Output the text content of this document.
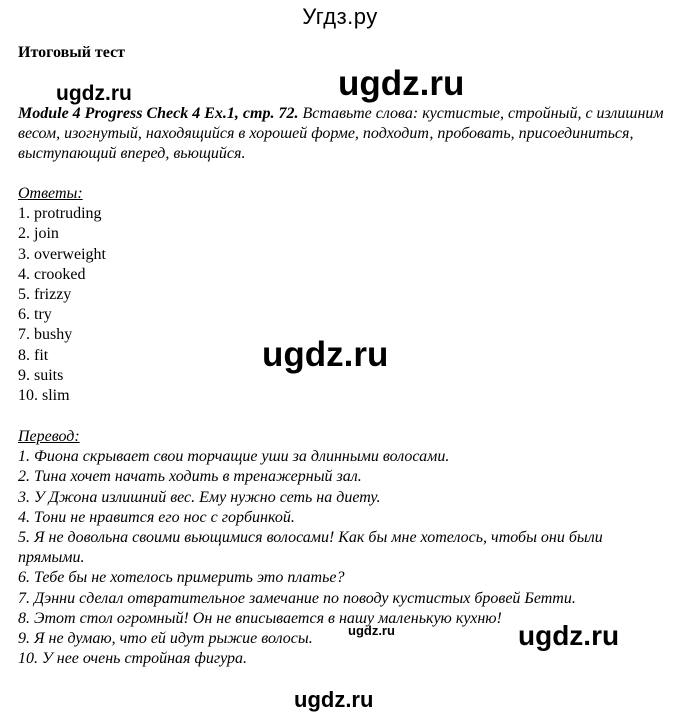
Угдз.ру
ugdz.ru	ugdz.ru
Итоговый тест
Module 4 Progress Check 4 Ex.1, стр. 72. Вставьте слова: кустистые, стройный, с излишним весом, изогнутый, находящийся в хорошей форме, подходит, пробовать, присоединиться, выступающий вперед, вьющийся.
Ответы:
1. protruding
2. join
3. overweight
4. crooked
5. frizzy
6. try
7. bushy
8. fit
9. suits
10. slim
ugdz.ru
Перевод:
1. Фиона скрывает свои торчащие уши за длинными волосами.
2. Тина хочет начать ходить в тренажерный зал.
3. У Джона излишний вес. Ему нужно сеть на диету.
4. Тони не нравится его нос с горбинкой.
5. Я не довольна своими вьющимися волосами! Как бы мне хотелось, чтобы они были прямыми.
6. Тебе бы не хотелось примерить это платье?
7. Дэнни сделал отвратительное замечание по поводу кустистых бровей Бетти.
8. Этот стол огромный! Он не вписывается в нашу маленькую кухню!
9. Я не думаю, что ей идут рыжие волосы.
10. У нее очень стройная фигура.
ugdz.ru	ugdz.ru
ugdz.ru
